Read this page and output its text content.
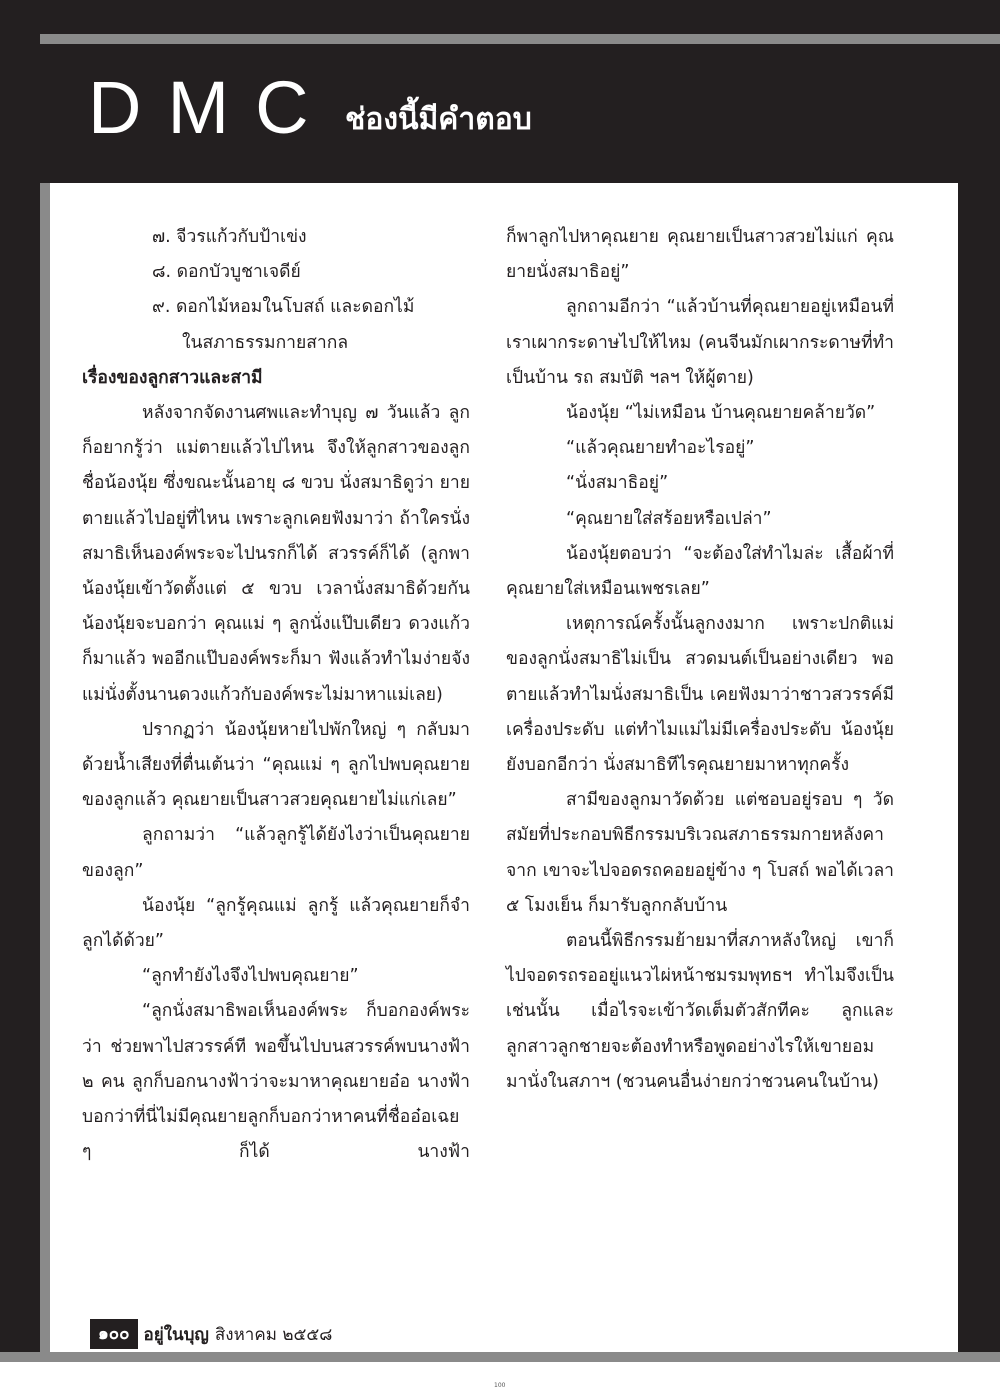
DMC ช่องนี้มีคำตอบ

๗. จีวรแก้วกับป้าเข่ง

๘. ดอกบัวบูชาเจดีย์

๙. ดอกไม้หอมในโบสถ์ และดอกไม้

ในสภาธรรมกายสากล

เรื่องของลูกสาวและสามี

หลังจากจัดงานศพและทำบุญ ๗ วันแล้ว ลูกก็อยากรู้ว่า แม่ตายแล้วไปไหน จึงให้ลูกสาวของลูกชื่อน้องนุ้ย ซึ่งขณะนั้นอายุ ๘ ขวบ นั่งสมาธิดูว่า ยายตายแล้วไปอยู่ที่ไหน เพราะลูกเคยฟังมาว่า ถ้าใครนั่งสมาธิเห็นองค์พระจะไปนรกก็ได้ สวรรค์ก็ได้ (ลูกพาน้องนุ้ยเข้าวัดตั้งแต่ ๕ ขวบ เวลานั่งสมาธิด้วยกัน น้องนุ้ยจะบอกว่า คุณแม่ ๆ ลูกนั่งแป๊บเดียว ดวงแก้วก็มาแล้ว พออีกแป๊บองค์พระก็มา ฟังแล้วทำไมง่ายจัง แม่นั่งตั้งนานดวงแก้วกับองค์พระไม่มาหาแม่เลย)

ปรากฏว่า น้องนุ้ยหายไปพักใหญ่ ๆ กลับมาด้วยน้ำเสียงที่ตื่นเต้นว่า “คุณแม่ ๆ ลูกไปพบคุณยายของลูกแล้ว คุณยายเป็นสาวสวยคุณยายไม่แก่เลย”

ลูกถามว่า “แล้วลูกรู้ได้ยังไงว่าเป็นคุณยายของลูก”

น้องนุ้ย “ลูกรู้คุณแม่ ลูกรู้ แล้วคุณยายก็จำลูกได้ด้วย”

“ลูกทำยังไงจึงไปพบคุณยาย”

“ลูกนั่งสมาธิพอเห็นองค์พระ ก็บอกองค์พระว่า ช่วยพาไปสวรรค์ที พอขึ้นไปบนสวรรค์พบนางฟ้า ๒ คน ลูกก็บอกนางฟ้าว่าจะมาหาคุณยายอ๋อ นางฟ้าบอกว่าที่นี่ไม่มีคุณยายลูกก็บอกว่าหาคนที่ชื่ออ๋อเฉย ๆ ก็ได้ นางฟ้า

ก็พาลูกไปหาคุณยาย คุณยายเป็นสาวสวยไม่แก่ คุณยายนั่งสมาธิอยู่”

ลูกถามอีกว่า “แล้วบ้านที่คุณยายอยู่เหมือนที่เราเผากระดาษไปให้ไหม (คนจีนมักเผากระดาษที่ทำเป็นบ้าน รถ สมบัติ ฯลฯ ให้ผู้ตาย)

น้องนุ้ย “ไม่เหมือน บ้านคุณยายคล้ายวัด”

“แล้วคุณยายทำอะไรอยู่”

“นั่งสมาธิอยู่”

“คุณยายใส่สร้อยหรือเปล่า”

น้องนุ้ยตอบว่า “จะต้องใส่ทำไมล่ะ เสื้อผ้าที่คุณยายใส่เหมือนเพชรเลย”

เหตุการณ์ครั้งนั้นลูกงงมาก เพราะปกติแม่ของลูกนั่งสมาธิไม่เป็น สวดมนต์เป็นอย่างเดียว พอตายแล้วทำไมนั่งสมาธิเป็น เคยฟังมาว่าชาวสวรรค์มีเครื่องประดับ แต่ทำไมแม่ไม่มีเครื่องประดับ น้องนุ้ยยังบอกอีกว่า นั่งสมาธิทีไรคุณยายมาหาทุกครั้ง

สามีของลูกมาวัดด้วย แต่ชอบอยู่รอบ ๆ วัด สมัยที่ประกอบพิธีกรรมบริเวณสภาธรรมกายหลังคาจาก เขาจะไปจอดรถคอยอยู่ข้าง ๆ โบสถ์ พอได้เวลา ๕ โมงเย็น ก็มารับลูกกลับบ้าน

ตอนนี้พิธีกรรมย้ายมาที่สภาหลังใหญ่ เขาก็ไปจอดรถรออยู่แนวไผ่หน้าชมรมพุทธฯ ทำไมจึงเป็นเช่นนั้น เมื่อไรจะเข้าวัดเต็มตัวสักทีคะ ลูกและลูกสาวลูกชายจะต้องทำหรือพูดอย่างไรให้เขายอมมานั่งในสภาฯ (ชวนคนอื่นง่ายกว่าชวนคนในบ้าน)

๑๐๐ อยู่ในบุญ สิงหาคม ๒๕๕๘
100
